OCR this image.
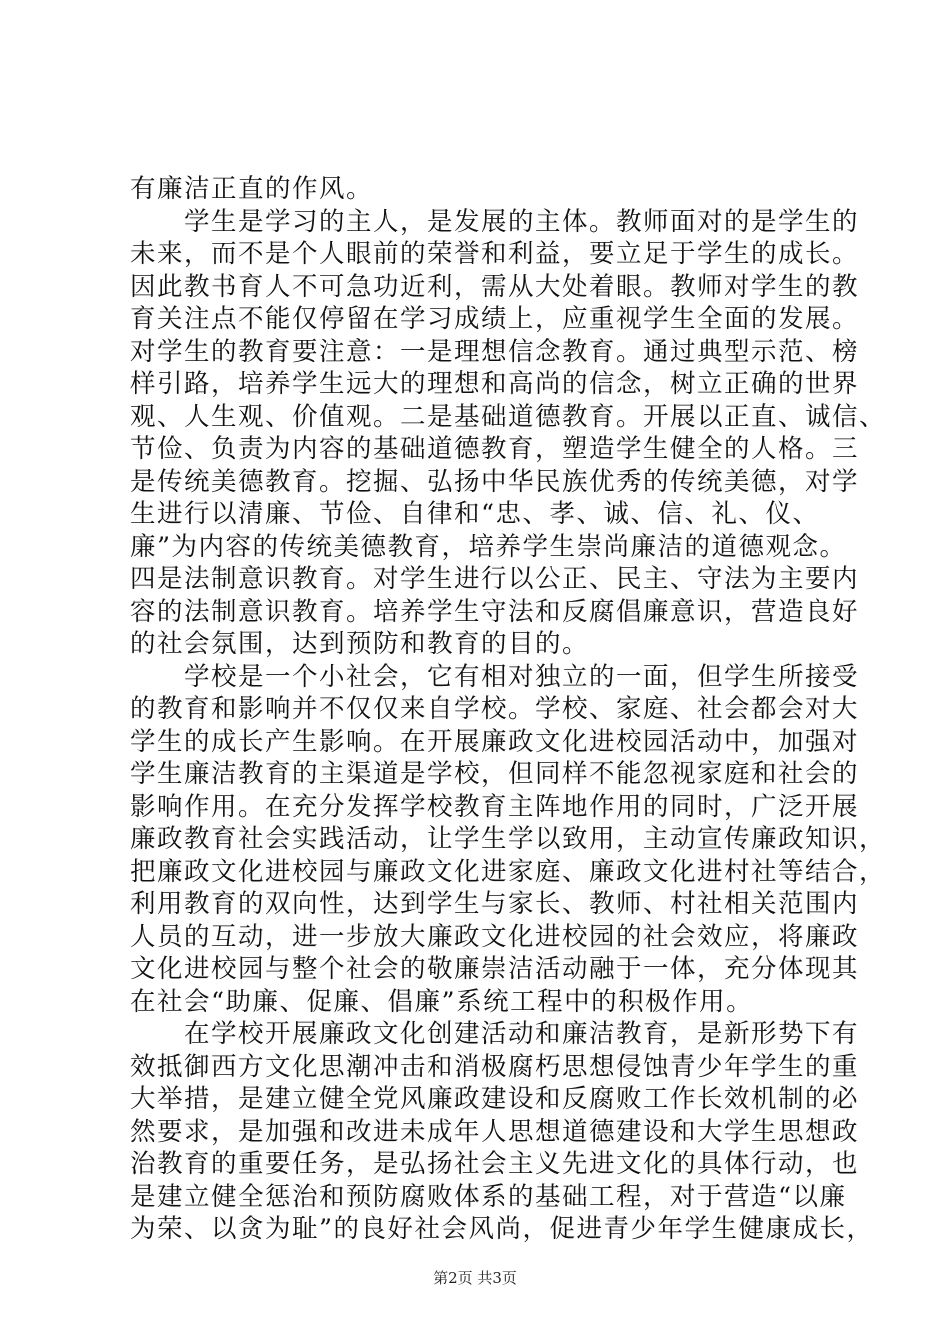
有廉洁正直的作风。
　　学生是学习的主人，是发展的主体。教师面对的是学生的
未来，而不是个人眼前的荣誉和利益，要立足于学生的成长。
因此教书育人不可急功近利，需从大处着眼。教师对学生的教
育关注点不能仅停留在学习成绩上，应重视学生全面的发展。
对学生的教育要注意：一是理想信念教育。通过典型示范、榜
样引路，培养学生远大的理想和高尚的信念，树立正确的世界
观、人生观、价值观。二是基础道德教育。开展以正直、诚信、
节俭、负责为内容的基础道德教育，塑造学生健全的人格。三
是传统美德教育。挖掘、弘扬中华民族优秀的传统美德，对学
生进行以清廉、节俭、自律和“忠、孝、诚、信、礼、仪、
廉”为内容的传统美德教育，培养学生崇尚廉洁的道德观念。
四是法制意识教育。对学生进行以公正、民主、守法为主要内
容的法制意识教育。培养学生守法和反腐倡廉意识，营造良好
的社会氛围，达到预防和教育的目的。
　　学校是一个小社会，它有相对独立的一面，但学生所接受
的教育和影响并不仅仅来自学校。学校、家庭、社会都会对大
学生的成长产生影响。在开展廉政文化进校园活动中，加强对
学生廉洁教育的主渠道是学校，但同样不能忽视家庭和社会的
影响作用。在充分发挥学校教育主阵地作用的同时，广泛开展
廉政教育社会实践活动，让学生学以致用，主动宣传廉政知识，
把廉政文化进校园与廉政文化进家庭、廉政文化进村社等结合，
利用教育的双向性，达到学生与家长、教师、村社相关范围内
人员的互动，进一步放大廉政文化进校园的社会效应，将廉政
文化进校园与整个社会的敬廉崇洁活动融于一体，充分体现其
在社会“助廉、促廉、倡廉”系统工程中的积极作用。
　　在学校开展廉政文化创建活动和廉洁教育，是新形势下有
效抵御西方文化思潮冲击和消极腐朽思想侵蚀青少年学生的重
大举措，是建立健全党风廉政建设和反腐败工作长效机制的必
然要求，是加强和改进未成年人思想道德建设和大学生思想政
治教育的重要任务，是弘扬社会主义先进文化的具体行动，也
是建立健全惩治和预防腐败体系的基础工程，对于营造“以廉
为荣、以贪为耻”的良好社会风尚，促进青少年学生健康成长，
第2页 共3页
